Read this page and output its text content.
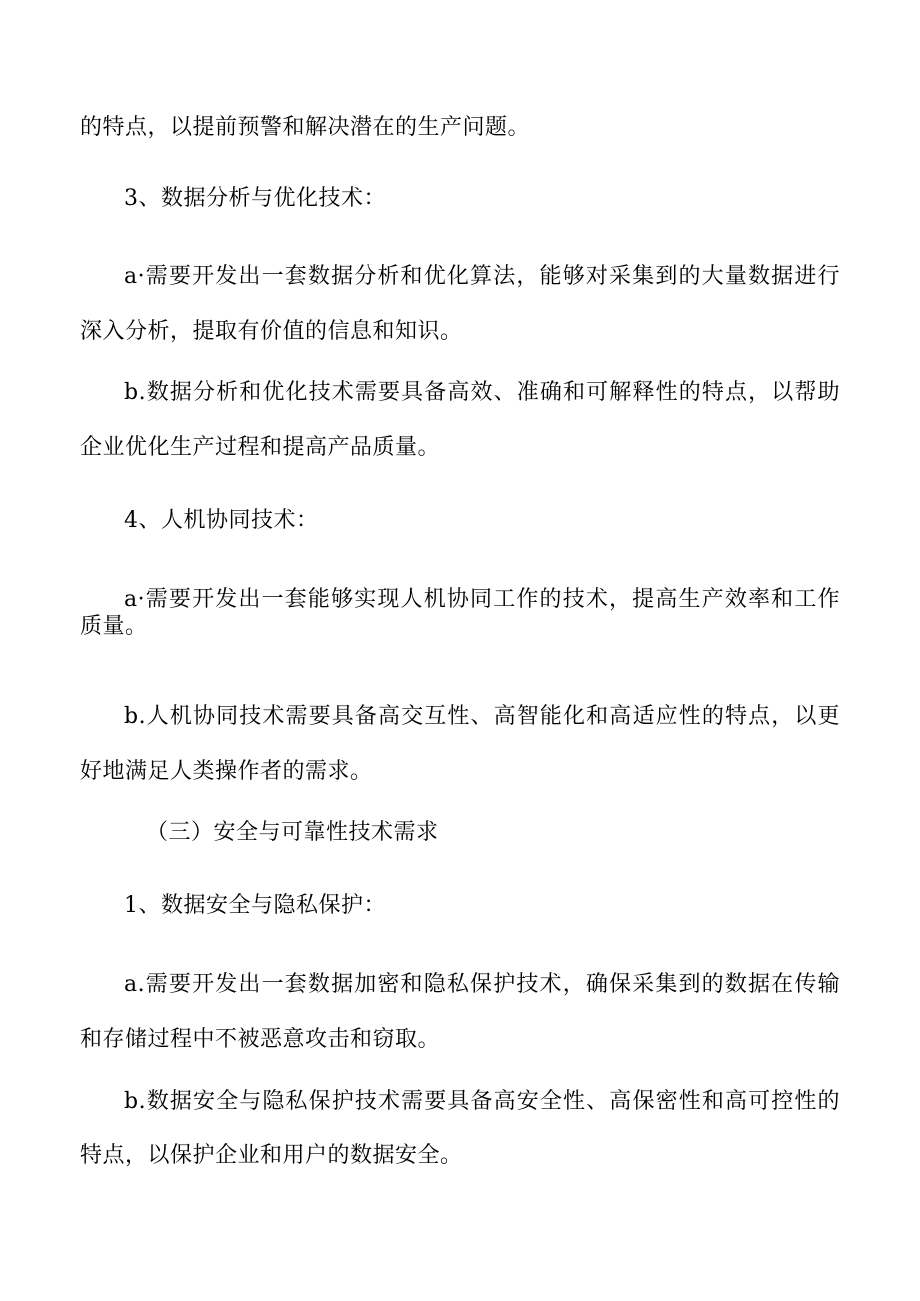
的特点，以提前预警和解决潜在的生产问题。
3、数据分析与优化技术：
a·需要开发出一套数据分析和优化算法，能够对采集到的大量数据进行
深入分析，提取有价值的信息和知识。
b.数据分析和优化技术需要具备高效、准确和可解释性的特点，以帮助
企业优化生产过程和提高产品质量。
4、人机协同技术：
a·需要开发出一套能够实现人机协同工作的技术，提高生产效率和工作
质量。
b.人机协同技术需要具备高交互性、高智能化和高适应性的特点，以更
好地满足人类操作者的需求。
（三）安全与可靠性技术需求
1、数据安全与隐私保护：
a.需要开发出一套数据加密和隐私保护技术，确保采集到的数据在传输
和存储过程中不被恶意攻击和窃取。
b.数据安全与隐私保护技术需要具备高安全性、高保密性和高可控性的
特点，以保护企业和用户的数据安全。
